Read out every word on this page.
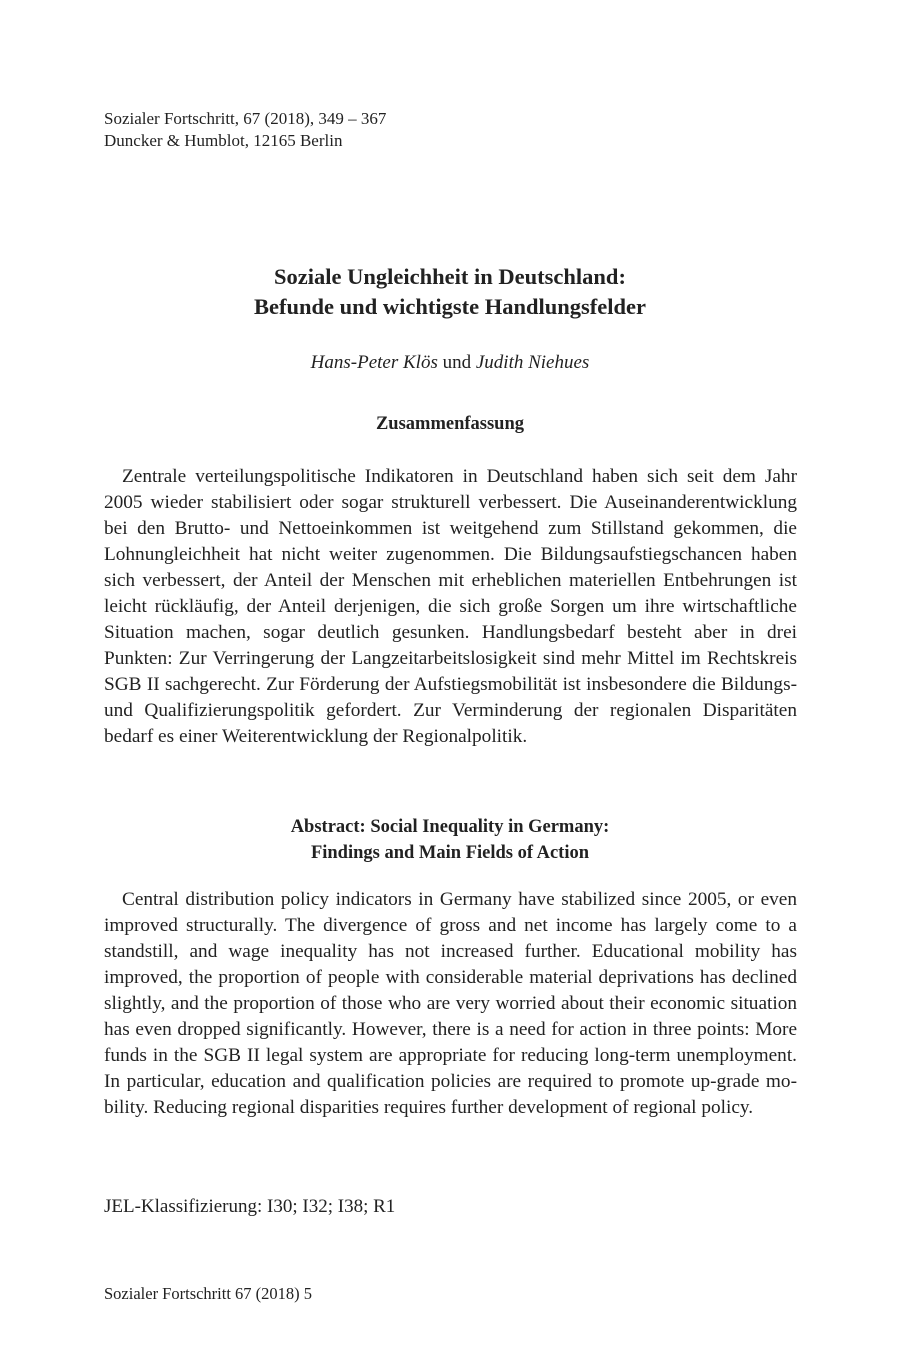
Sozialer Fortschritt, 67 (2018), 349 – 367
Duncker & Humblot, 12165 Berlin
Soziale Ungleichheit in Deutschland:
Befunde und wichtigste Handlungsfelder
Hans-Peter Klös und Judith Niehues
Zusammenfassung

Zentrale verteilungspolitische Indikatoren in Deutschland haben sich seit dem Jahr 2005 wieder stabilisiert oder sogar strukturell verbessert. Die Auseinanderentwicklung bei den Brutto- und Nettoeinkommen ist weitgehend zum Stillstand gekommen, die Lohnungleichheit hat nicht weiter zugenommen. Die Bildungsaufstiegschancen haben sich verbessert, der Anteil der Menschen mit erheblichen materiellen Entbehrungen ist leicht rückläufig, der Anteil derjenigen, die sich große Sorgen um ihre wirtschaftliche Situation machen, sogar deutlich gesunken. Handlungsbedarf besteht aber in drei Punkten: Zur Verringerung der Langzeitarbeitslosigkeit sind mehr Mittel im Rechtskreis SGB II sachgerecht. Zur Förderung der Aufstiegsmobilität ist insbesondere die Bildungs- und Qualifizierungspolitik gefordert. Zur Verminderung der regionalen Disparitäten bedarf es einer Weiterentwicklung der Regionalpolitik.

Abstract: Social Inequality in Germany:
Findings and Main Fields of Action

Central distribution policy indicators in Germany have stabilized since 2005, or even improved structurally. The divergence of gross and net income has largely come to a standstill, and wage inequality has not increased further. Educational mobility has improved, the proportion of people with considerable material deprivations has declined slightly, and the proportion of those who are very worried about their economic situation has even dropped significantly. However, there is a need for action in three points: More funds in the SGB II legal system are appropriate for reducing long-term unemployment. In particular, education and qualification policies are required to promote up-grade mobility. Reducing regional disparities requires further development of regional policy.

JEL-Klassifizierung: I30; I32; I38; R1
Sozialer Fortschritt 67 (2018) 5
